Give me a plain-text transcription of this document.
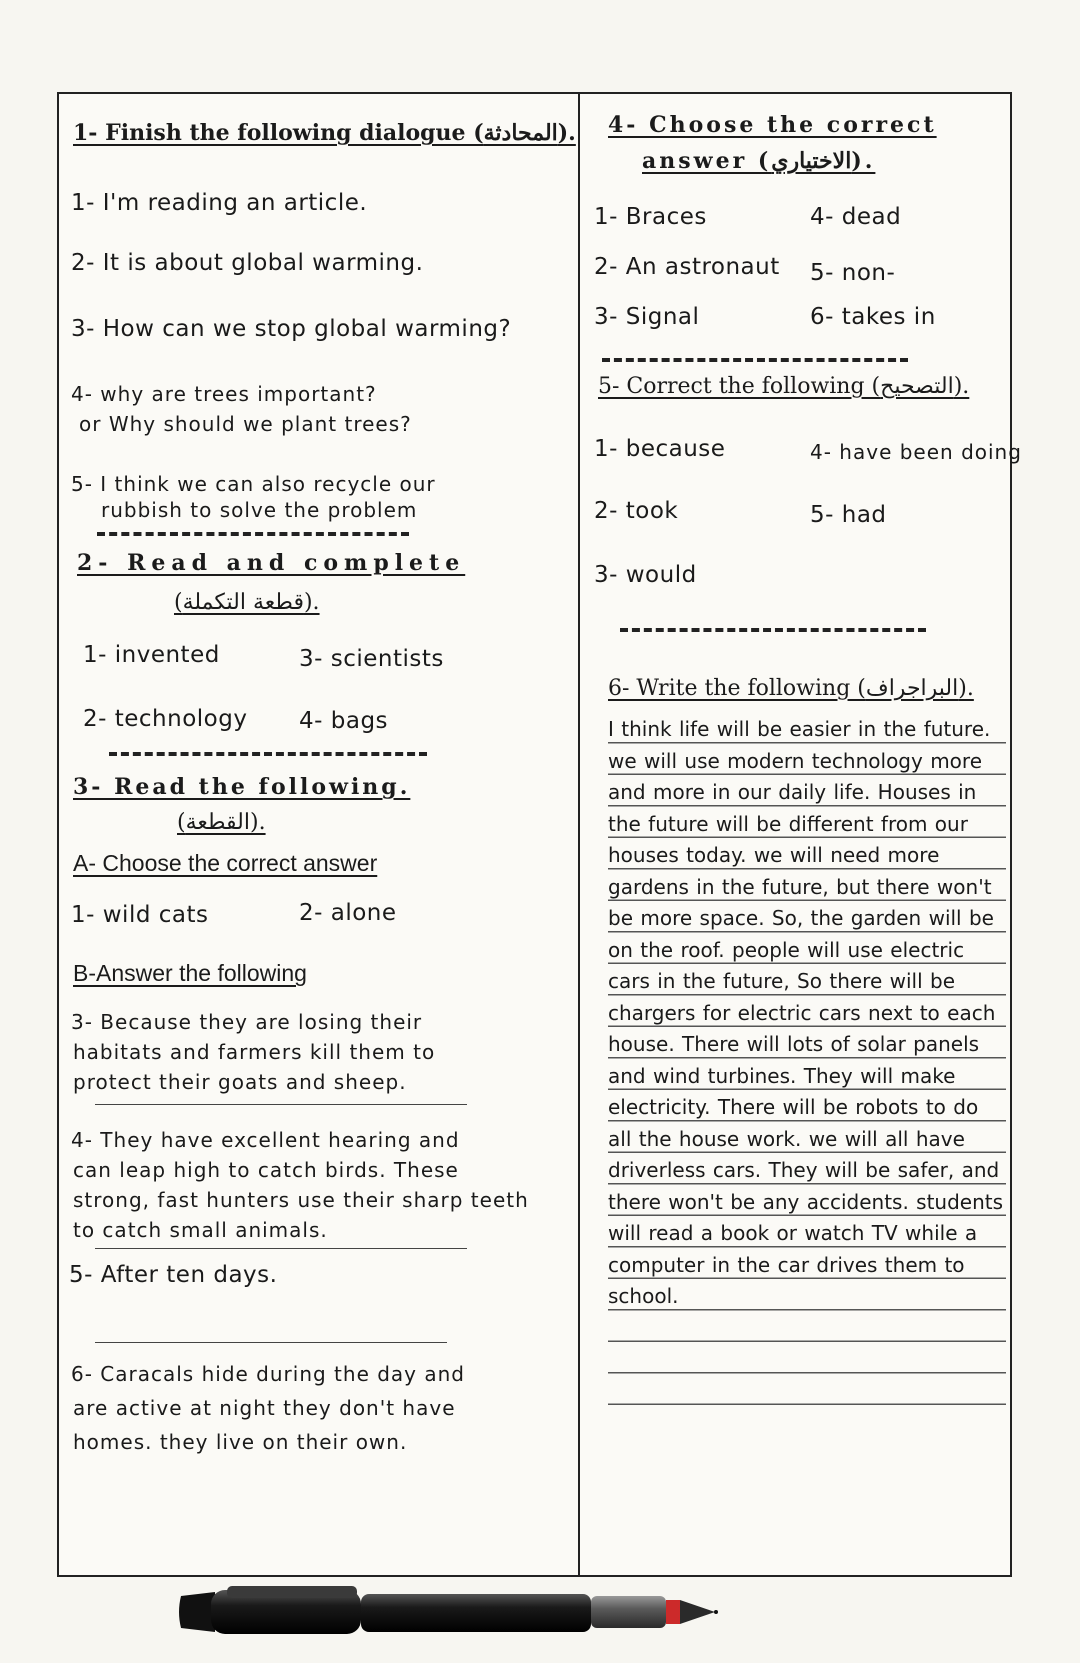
1- Finish the following dialogue (المحادثة).
1- I'm reading an article.
2- It is about global warming.
3- How can we stop global warming?
4- why are trees important?
or Why should we plant trees?
5- I think we can also recycle our
rubbish to solve the problem
2- Read and complete
(قطعة التكملة).
1- invented	3- scientists
2- technology 4- bags
3- Read the following.
(القطعة).
A- Choose the correct answer
1- wild cats	2- alone
B-Answer the following
3- Because they are losing their
habitats and farmers kill them to
protect their goats and sheep.
4- They have excellent hearing and
can leap high to catch birds. These
strong, fast hunters use their sharp teeth
to catch small animals.
5- After ten days.
6- Caracals hide during the day and
are active at night they don't have
homes. they live on their own.
4- Choose the correct
answer (الاختياري).
1- Braces	4- dead
2- An astronaut 5- non-
3- Signal	6- takes in
5- Correct the following (التصحيح).
1- because	4- have been doing
2- took	5- had
3- would
6- Write the following (البراجراف).
I think life will be easier in the future. we will use modern technology more and more in our daily life. Houses in the future will be different from our houses today. we will need more gardens in the future, but there won't be more space. So, the garden will be on the roof. people will use electric cars in the future, So there will be chargers for electric cars next to each house. There will lots of solar panels and wind turbines. They will make electricity. There will be robots to do all the house work. we will all have driverless cars. They will be safer, and there won't be any accidents. students will read a book or watch TV while a computer in the car drives them to school.
